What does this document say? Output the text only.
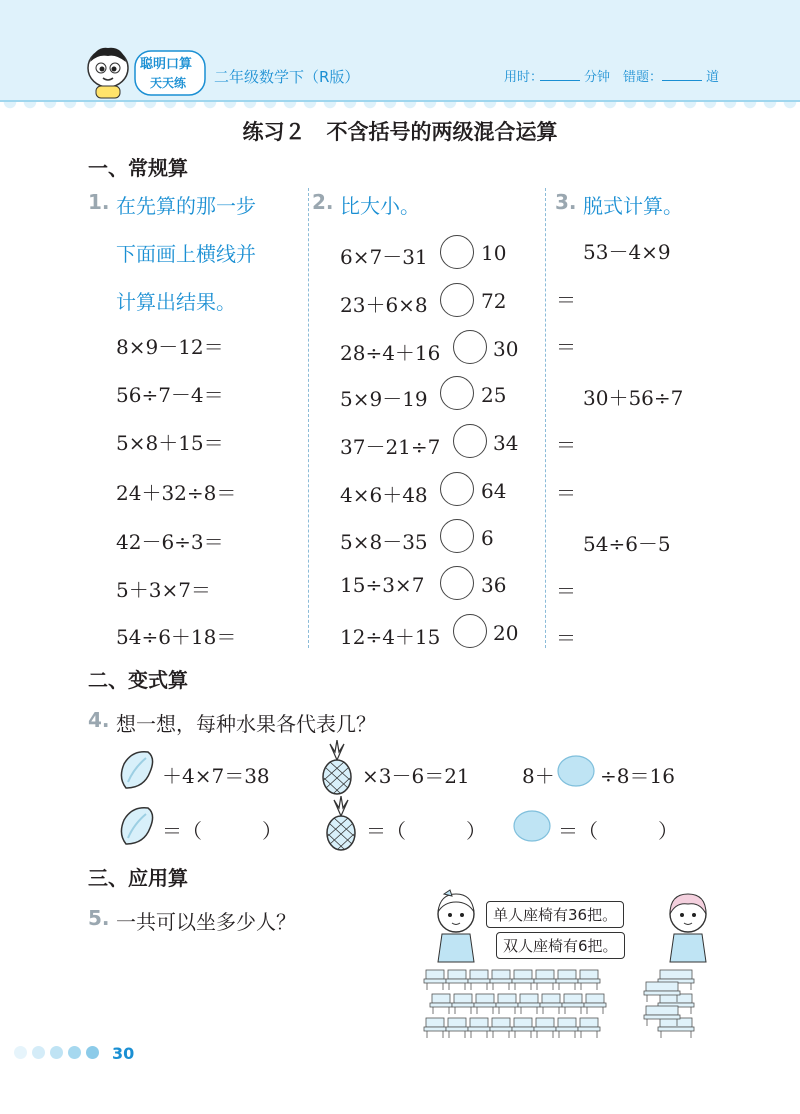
聪明口算
天天练 二年级数学下（R版）	用时：	分钟 错题：	道
练习２　不含括号的两级混合运算
一、常规算
1. 在先算的那一步
下面画上横线并
计算出结果。
8×9－12＝
56÷7－4＝
5×8＋15＝
24＋32÷8＝
42－6÷3＝
5＋3×7＝
54÷6＋18＝
2. 比大小。
6×7－31	10
23＋6×8	72
28÷4＋16	30
5×9－19	25
37－21÷7	34
4×6＋48	64
5×8－35	6
15÷3×7	36
12÷4＋15	20
3. 脱式计算。
53－4×9
＝
＝
30＋56÷7
＝
＝
54÷6－5
＝
＝
二、变式算
4. 想一想，每种水果各代表几？
＋4×7＝38	×3－6＝21	8＋ ÷8＝16
＝（　　　）	＝（　　　）	＝（　　　）
三、应用算
5. 一共可以坐多少人？	单人座椅有36把。
双人座椅有6把。
30
